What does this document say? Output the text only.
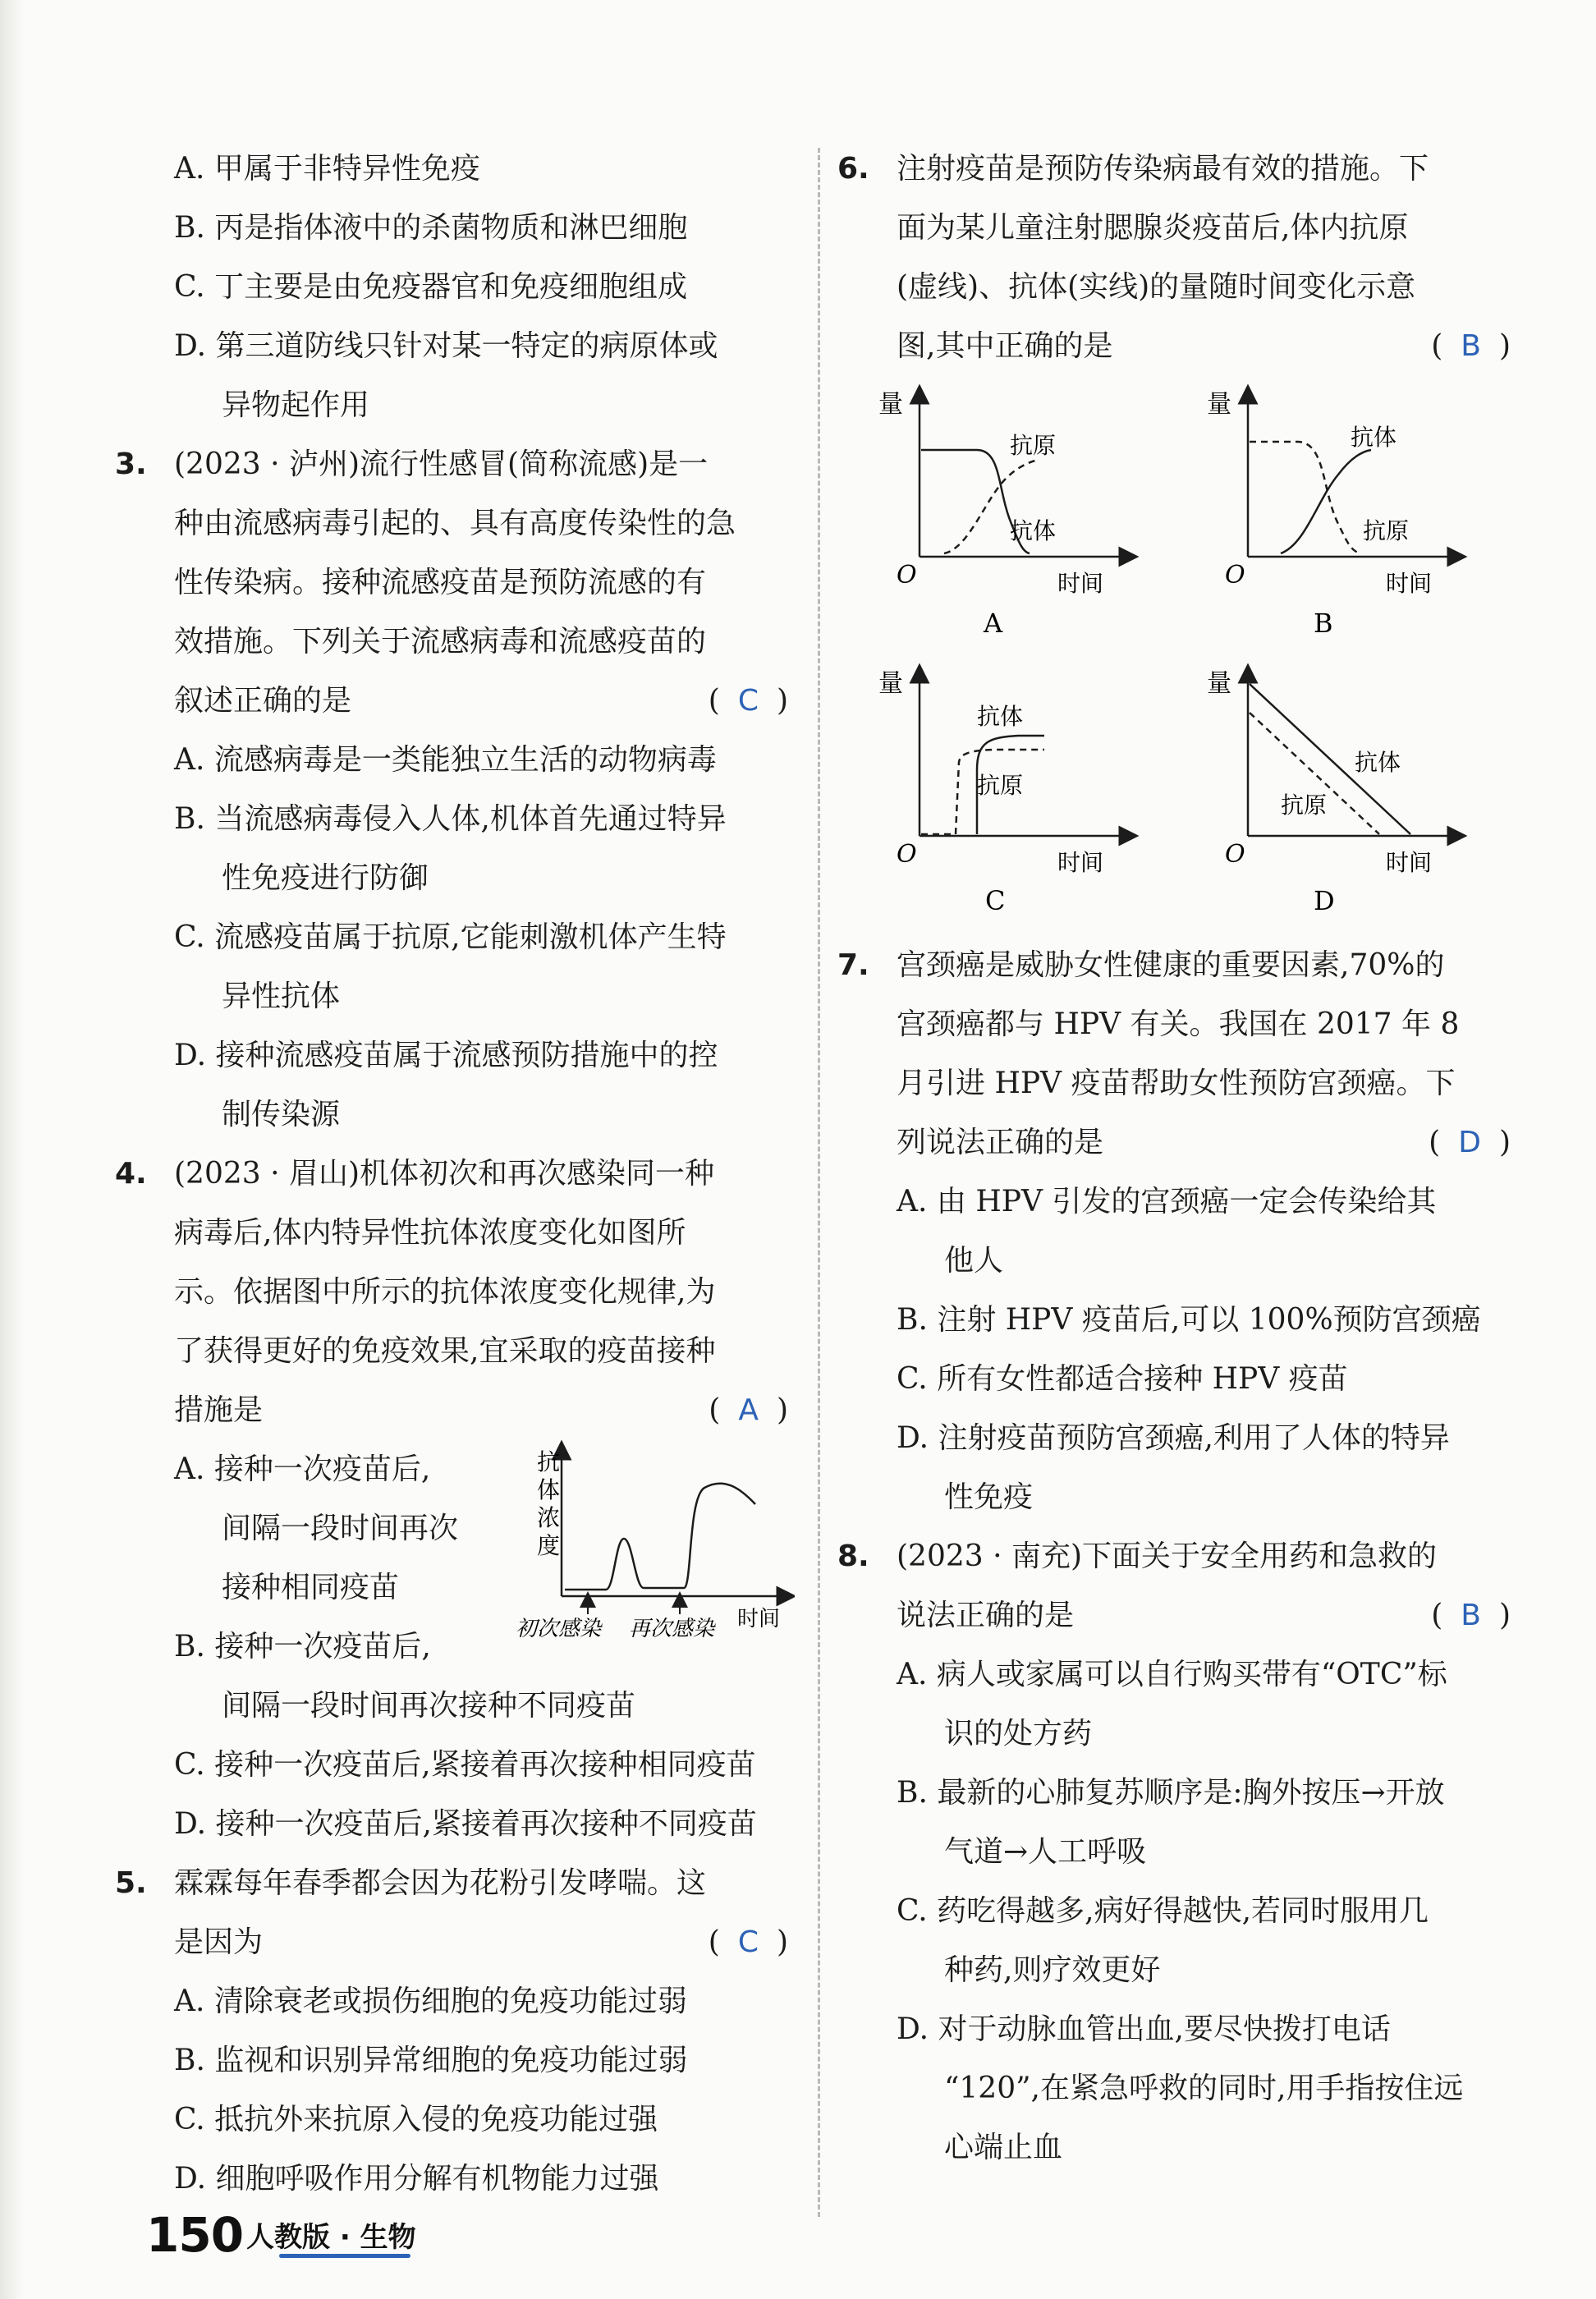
A. 甲属于非特异性免疫
B. 丙是指体液中的杀菌物质和淋巴细胞
C. 丁主要是由免疫器官和免疫细胞组成
D. 第三道防线只针对某一特定的病原体或
异物起作用
3. (2023 · 泸州)流行性感冒(简称流感)是一
种由流感病毒引起的、具有高度传染性的急
性传染病。接种流感疫苗是预防流感的有
效措施。下列关于流感病毒和流感疫苗的
叙述正确的是	( C )
A. 流感病毒是一类能独立生活的动物病毒
B. 当流感病毒侵入人体,机体首先通过特异
性免疫进行防御
C. 流感疫苗属于抗原,它能刺激机体产生特
异性抗体
D. 接种流感疫苗属于流感预防措施中的控
制传染源
4. (2023 · 眉山)机体初次和再次感染同一种
病毒后,体内特异性抗体浓度变化如图所
示。依据图中所示的抗体浓度变化规律,为
了获得更好的免疫效果,宜采取的疫苗接种
措施是	( A )
A. 接种一次疫苗后,
间隔一段时间再次
接种相同疫苗
B. 接种一次疫苗后,
间隔一段时间再次接种不同疫苗
C. 接种一次疫苗后,紧接着再次接种相同疫苗
D. 接种一次疫苗后,紧接着再次接种不同疫苗
抗
体
浓
度
初次感染 再次感染 时间
5. 霖霖每年春季都会因为花粉引发哮喘。这
是因为	( C )
A. 清除衰老或损伤细胞的免疫功能过弱
B. 监视和识别异常细胞的免疫功能过弱
C. 抵抗外来抗原入侵的免疫功能过强
D. 细胞呼吸作用分解有机物能力过强
6. 注射疫苗是预防传染病最有效的措施。下
面为某儿童注射腮腺炎疫苗后,体内抗原
(虚线)、抗体(实线)的量随时间变化示意
图,其中正确的是	( B )
量
O	时间
抗原
抗体
A
量
O	时间
抗体
抗原
B
量
O	时间
抗体
抗原
C
量
O	时间
抗体
抗原
D
7. 宫颈癌是威胁女性健康的重要因素,70%的
宫颈癌都与 HPV 有关。我国在 2017 年 8
月引进 HPV 疫苗帮助女性预防宫颈癌。下
列说法正确的是	( D )
A. 由 HPV 引发的宫颈癌一定会传染给其
他人
B. 注射 HPV 疫苗后,可以 100%预防宫颈癌
C. 所有女性都适合接种 HPV 疫苗
D. 注射疫苗预防宫颈癌,利用了人体的特异
性免疫
8. (2023 · 南充)下面关于安全用药和急救的
说法正确的是	( B )
A. 病人或家属可以自行购买带有“OTC”标
识的处方药
B. 最新的心肺复苏顺序是:胸外按压→开放
气道→人工呼吸
C. 药吃得越多,病好得越快,若同时服用几
种药,则疗效更好
D. 对于动脉血管出血,要尽快拨打电话
“120”,在紧急呼救的同时,用手指按住远
心端止血
150 人教版 · 生物
